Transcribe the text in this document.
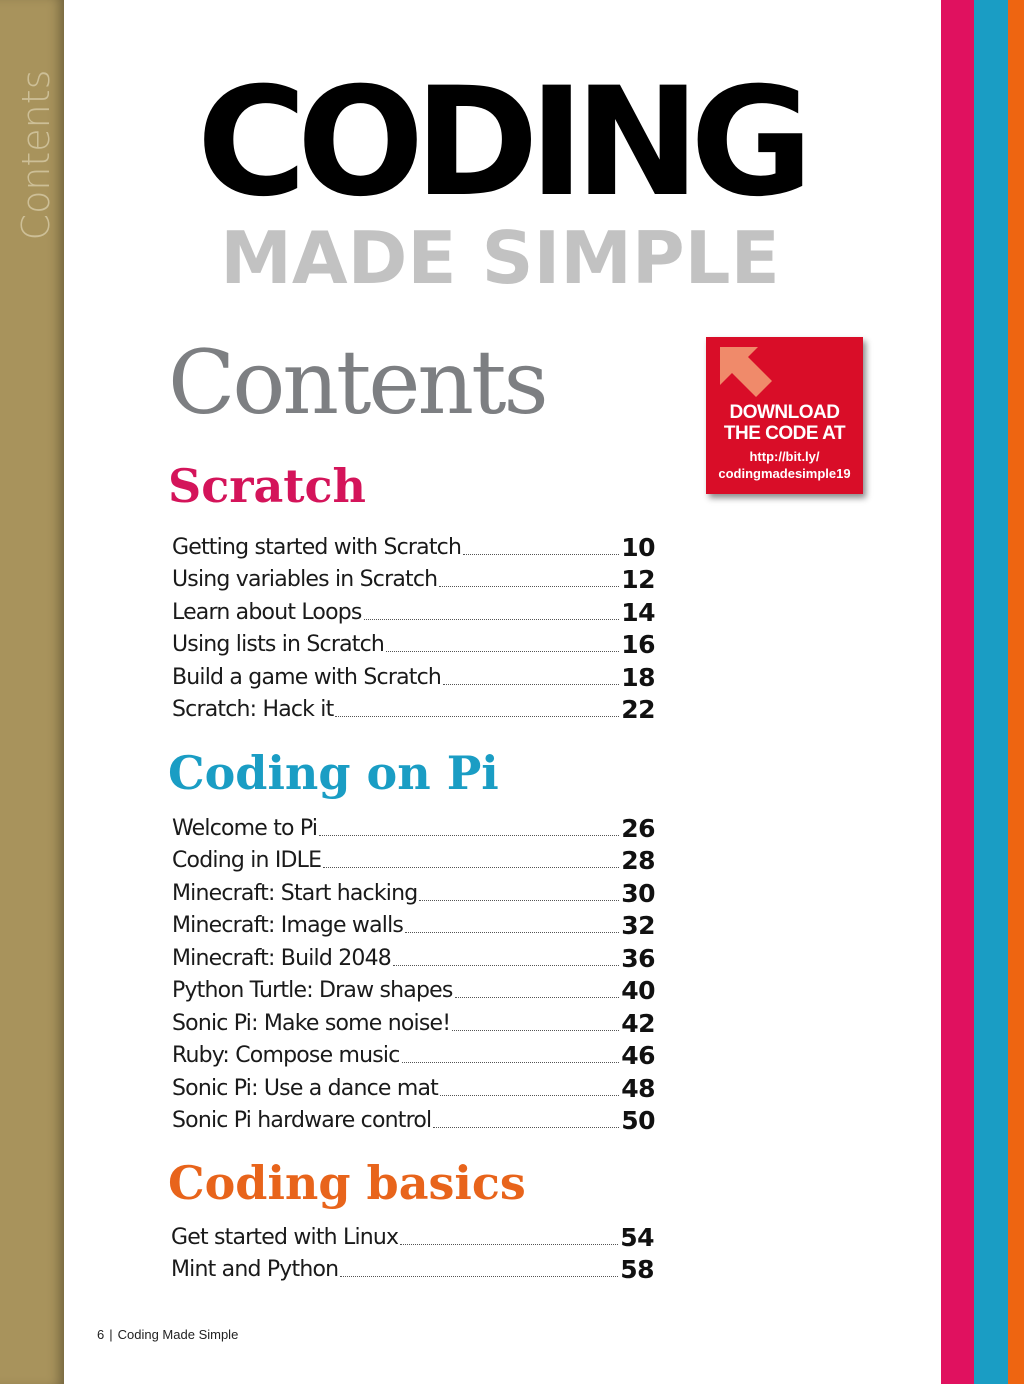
Contents CODING
MADE SIMPLE
Contents	DOWNLOAD
THE CODE AT
http://bit.ly/
codingmadesimple19
Scratch
Getting started with Scratch	10
Using variables in Scratch	12
Learn about Loops	14
Using lists in Scratch	16
Build a game with Scratch	18
Scratch: Hack it	22
Coding on Pi
Welcome to Pi	26
Coding in IDLE	28
Minecraft: Start hacking	30
Minecraft: Image walls	32
Minecraft: Build 2048	36
Python Turtle: Draw shapes	40
Sonic Pi: Make some noise!	42
Ruby: Compose music	46
Sonic Pi: Use a dance mat	48
Sonic Pi hardware control	50
Coding basics
Get started with Linux	54
Mint and Python	58
6 | Coding Made Simple
